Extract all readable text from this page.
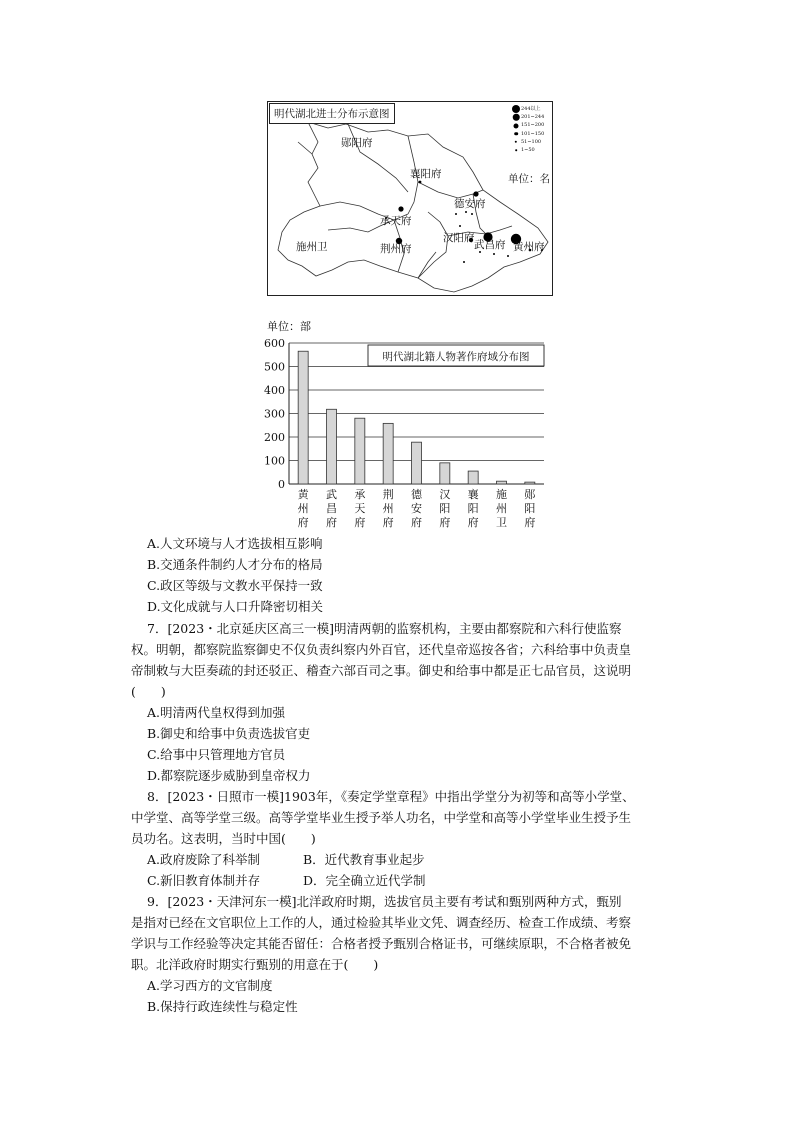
明代湖北进士分布示意图	244以上
201~244
151~200
101~150
51~100
1~50
单位：名
郧阳府
襄阳府
德安府
承天府
施州卫	荆州府
汉阳府
武昌府 黄州府
单位：部
0
100
200
300
400
500
600
明代湖北籍人物著作府域分布图
黄
州
府
武
昌
府
承
天
府
荆
州
府
德
安
府
汉
阳
府
襄
阳
府
施
州
卫
郧
阳
府
A.人文环境与人才选拔相互影响
B.交通条件制约人才分布的格局
C.政区等级与文教水平保持一致
D.文化成就与人口升降密切相关
7．[2023・北京延庆区高三一模]明清两朝的监察机构，主要由都察院和六科行使监察
权。明朝，都察院监察御史不仅负责纠察内外百官，还代皇帝巡按各省；六科给事中负责皇
帝制敕与大臣奏疏的封还驳正、稽查六部百司之事。御史和给事中都是正七品官员，这说明
(　　)
A.明清两代皇权得到加强
B.御史和给事中负责选拔官吏
C.给事中只管理地方官员
D.都察院逐步威胁到皇帝权力
8．[2023・日照市一模]1903年，《奏定学堂章程》中指出学堂分为初等和高等小学堂、
中学堂、高等学堂三级。高等学堂毕业生授予举人功名，中学堂和高等小学堂毕业生授予生
员功名。这表明，当时中国(　　)
A.政府废除了科举制	B．近代教育事业起步
C.新旧教育体制并存	D．完全确立近代学制
9．[2023・天津河东一模]北洋政府时期，选拔官员主要有考试和甄别两种方式，甄别
是指对已经在文官职位上工作的人，通过检验其毕业文凭、调查经历、检查工作成绩、考察
学识与工作经验等决定其能否留任：合格者授予甄别合格证书，可继续原职，不合格者被免
职。北洋政府时期实行甄别的用意在于(　　)
A.学习西方的文官制度
B.保持行政连续性与稳定性
